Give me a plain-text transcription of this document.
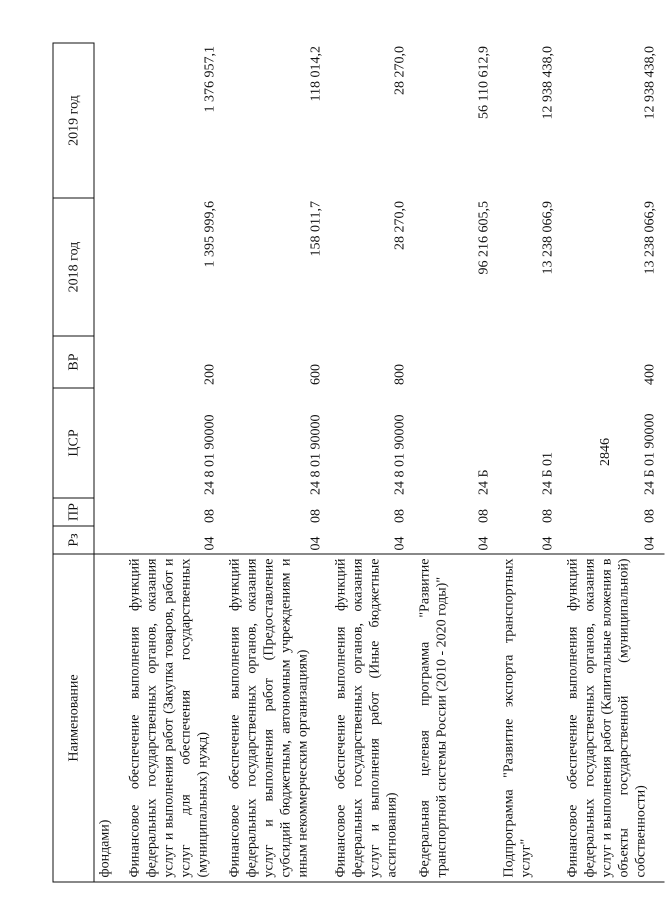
2846
Наименование	Рз	ПР	ЦСР	ВР	2018 год	2019 год
фондами)						
Финансовое обеспечение выполнения функций федеральных государственных органов, оказания услуг и выполнения работ (Закупка товаров, работ и услуг для обеспечения государственных (муниципальных) нужд)	04	08	24 8 01 90000	200	1 395 999,6	1 376 957,1
Финансовое обеспечение выполнения функций федеральных государственных органов, оказания услуг и выполнения работ (Предоставление субсидий бюджетным, автономным учреждениям и иным некоммерческим организациям)	04	08	24 8 01 90000	600	158 011,7	118 014,2
Финансовое обеспечение выполнения функций федеральных государственных органов, оказания услуг и выполнения работ (Иные бюджетные ассигнования)	04	08	24 8 01 90000	800	28 270,0	28 270,0
Федеральная целевая программа "Развитие транспортной системы России (2010 - 2020 годы)"	04	08	24 Б		96 216 605,5	56 110 612,9
Подпрограмма "Развитие экспорта транспортных услуг"	04	08	24 Б 01		13 238 066,9	12 938 438,0
Финансовое обеспечение выполнения функций федеральных государственных органов, оказания услуг и выполнения работ (Капитальные вложения в объекты государственной (муниципальной) собственности)	04	08	24 Б 01 90000	400	13 238 066,9	12 938 438,0
